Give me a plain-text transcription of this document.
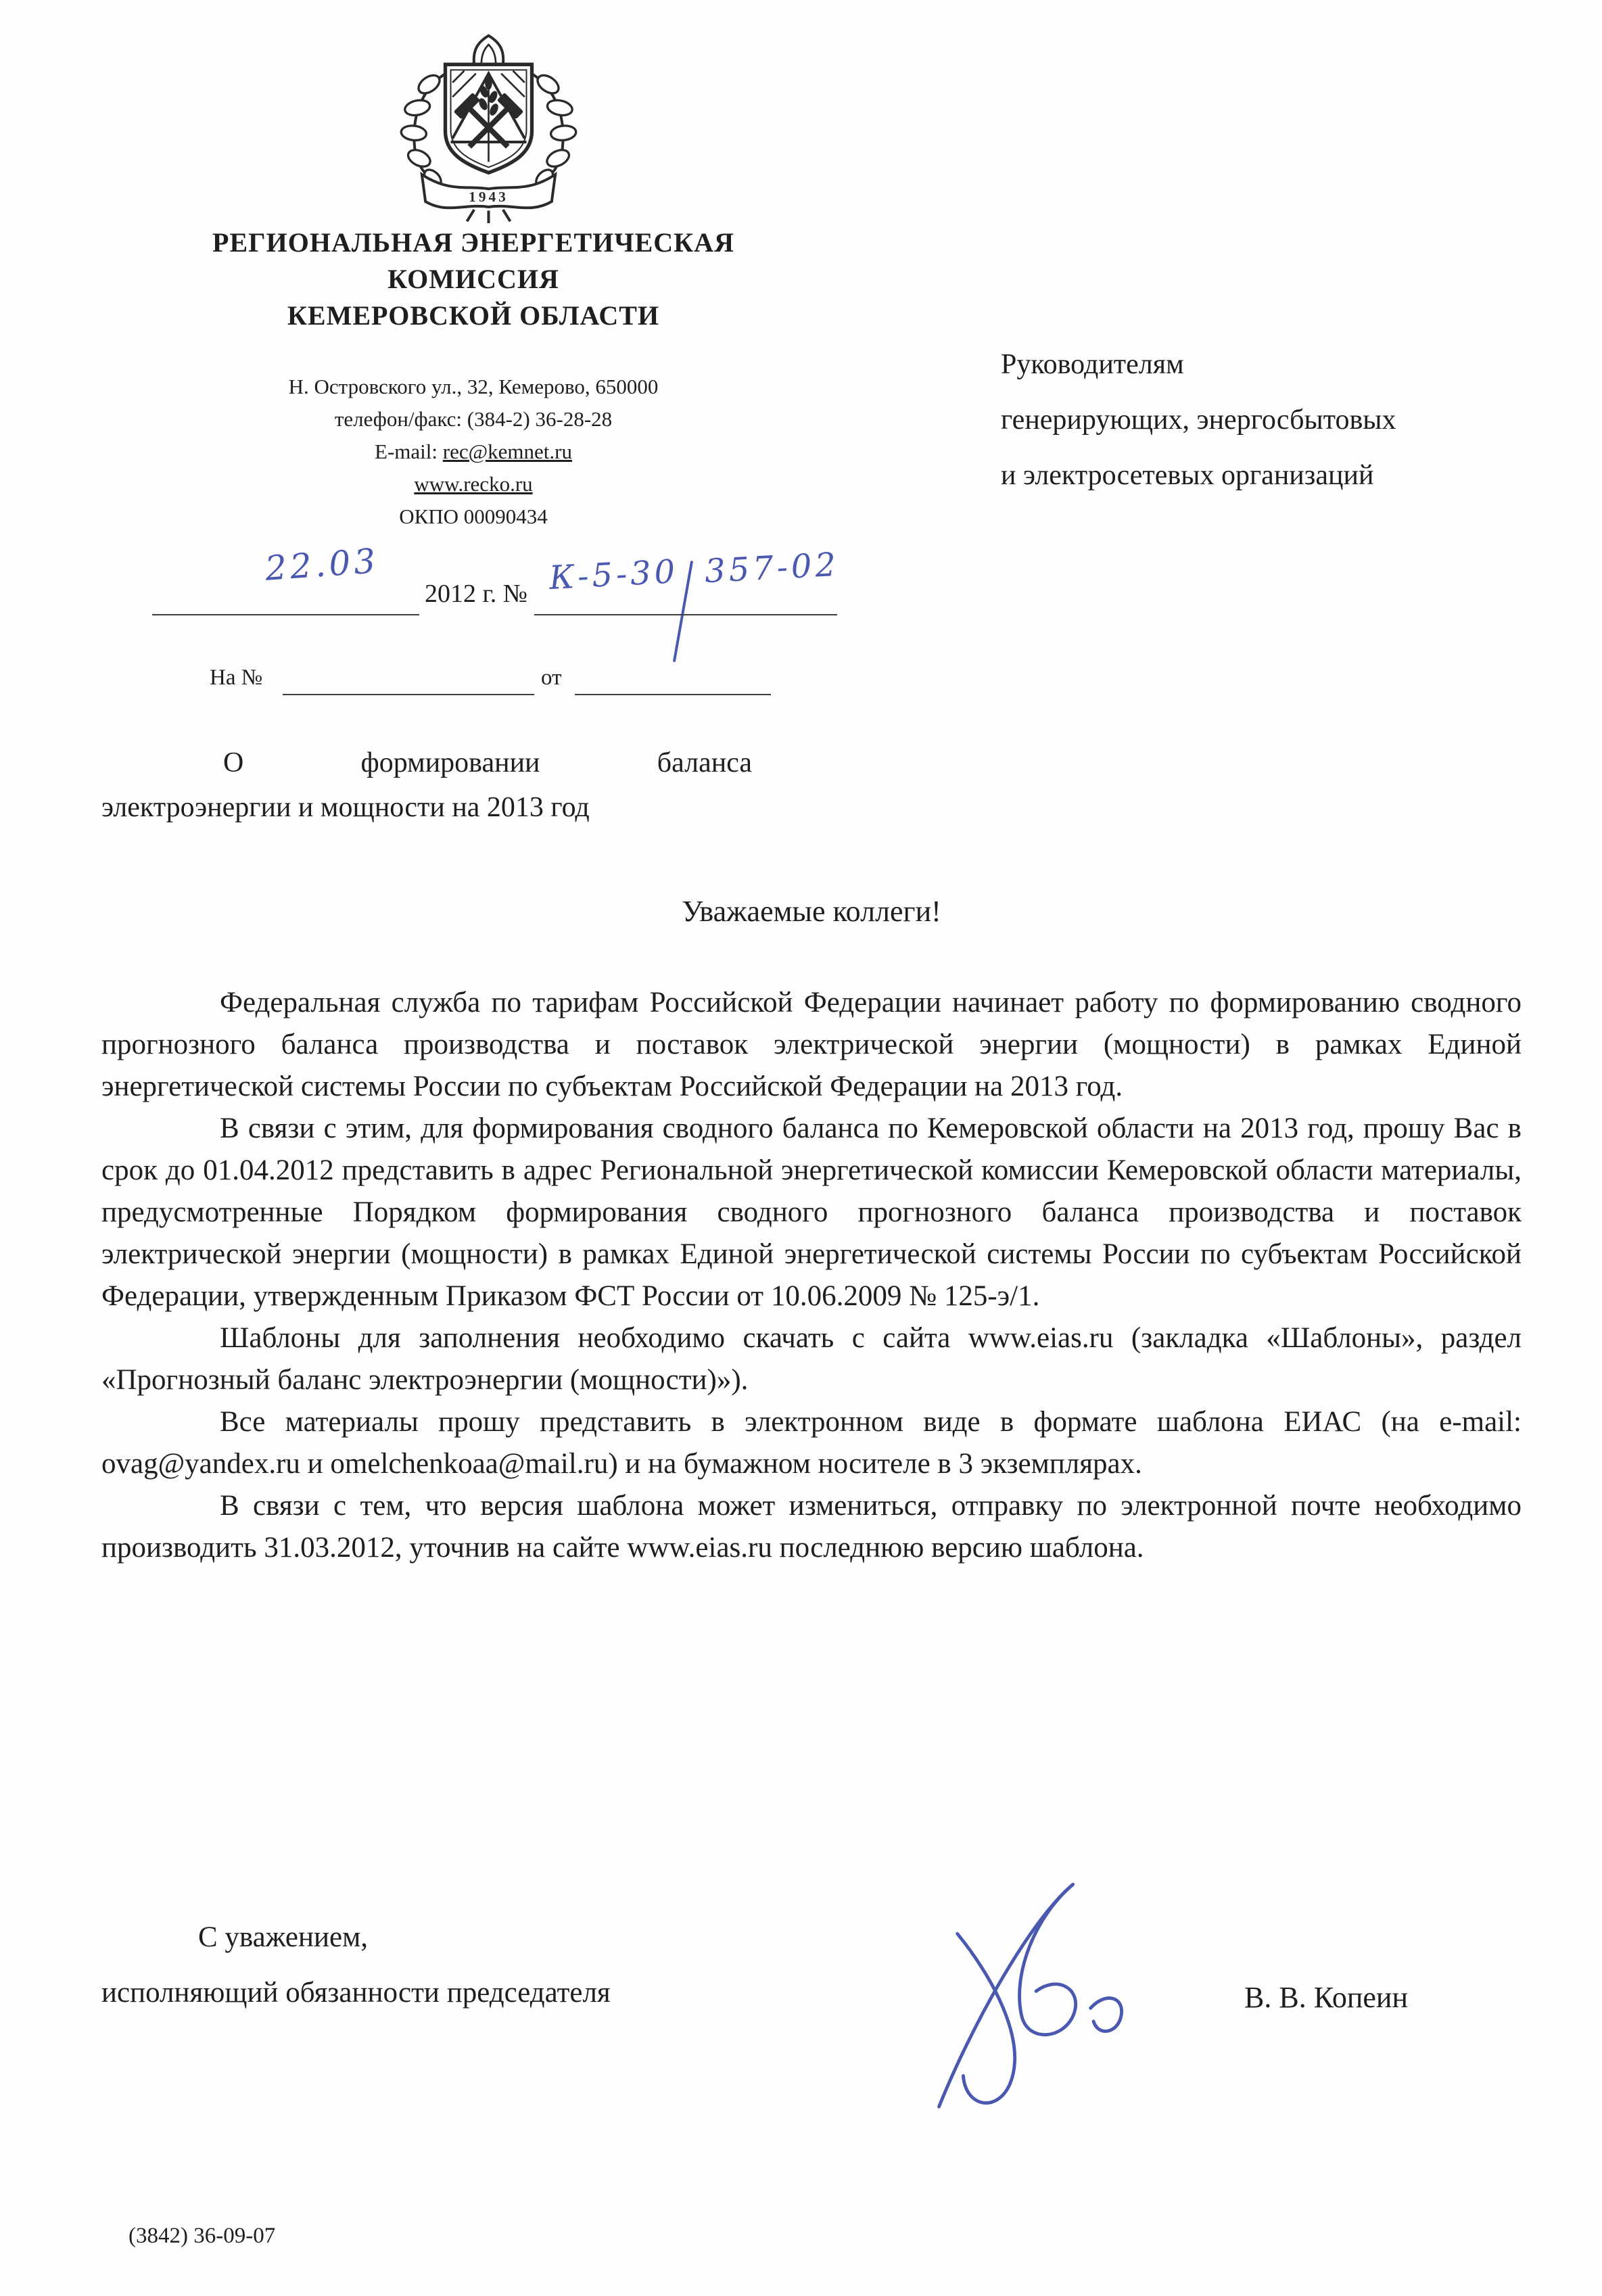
1943
РЕГИОНАЛЬНАЯ ЭНЕРГЕТИЧЕСКАЯ
КОМИССИЯ
КЕМЕРОВСКОЙ ОБЛАСТИ
Н. Островского ул., 32, Кемерово, 650000
телефон/факс: (384-2) 36-28-28
E-mail: rec@kemnet.ru
www.recko.ru
ОКПО 00090434
22.03
2012 г. № К-5-30 357-02
На №	от
Руководителям
генерирующих, энергосбытовых
и электросетевых организаций
О	формировании	баланса
электроэнергии и мощности на 2013 год
Уважаемые коллеги!

Федеральная служба по тарифам Российской Федерации начинает работу по формированию сводного прогнозного баланса производства и поставок электрической энергии (мощности) в рамках Единой энергетической системы России по субъектам Российской Федерации на 2013 год.

В связи с этим, для формирования сводного баланса по Кемеровской области на 2013 год, прошу Вас в срок до 01.04.2012 представить в адрес Региональной энергетической комиссии Кемеровской области материалы, предусмотренные Порядком формирования сводного прогнозного баланса производства и поставок электрической энергии (мощности) в рамках Единой энергетической системы России по субъектам Российской Федерации, утвержденным Приказом ФСТ России от 10.06.2009 № 125-э/1.

Шаблоны для заполнения необходимо скачать с сайта www.eias.ru (закладка «Шаблоны», раздел «Прогнозный баланс электроэнергии (мощности)»).

Все материалы прошу представить в электронном виде в формате шаблона ЕИАС (на e-mail: ovag@yandex.ru и omelchenkoaa@mail.ru) и на бумажном носителе в 3 экземплярах.

В связи с тем, что версия шаблона может измениться, отправку по электронной почте необходимо производить 31.03.2012, уточнив на сайте www.eias.ru последнюю версию шаблона.

С уважением,
исполняющий обязанности председателя	В. В. Копеин
(3842) 36-09-07
